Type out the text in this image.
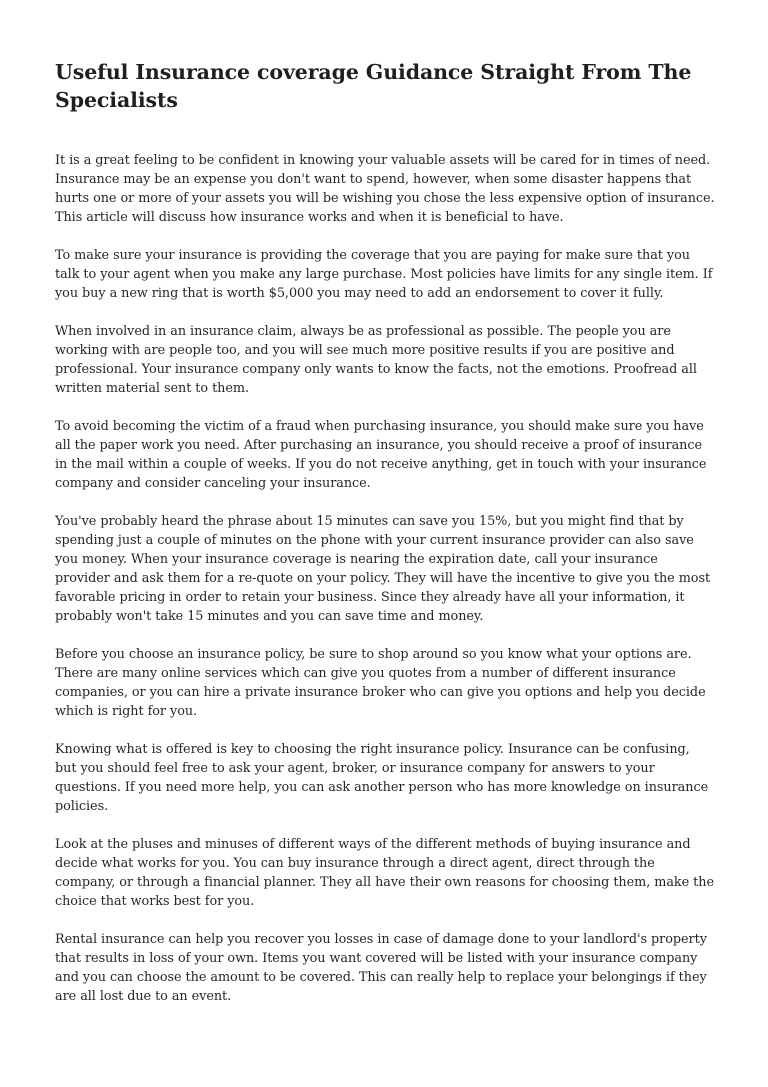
Useful Insurance coverage Guidance Straight From The Specialists

It is a great feeling to be confident in knowing your valuable assets will be cared for in times of need. Insurance may be an expense you don't want to spend, however, when some disaster happens that hurts one or more of your assets you will be wishing you chose the less expensive option of insurance. This article will discuss how insurance works and when it is beneficial to have.

To make sure your insurance is providing the coverage that you are paying for make sure that you talk to your agent when you make any large purchase. Most policies have limits for any single item. If you buy a new ring that is worth $5,000 you may need to add an endorsement to cover it fully.

When involved in an insurance claim, always be as professional as possible. The people you are working with are people too, and you will see much more positive results if you are positive and professional. Your insurance company only wants to know the facts, not the emotions. Proofread all written material sent to them.

To avoid becoming the victim of a fraud when purchasing insurance, you should make sure you have all the paper work you need. After purchasing an insurance, you should receive a proof of insurance in the mail within a couple of weeks. If you do not receive anything, get in touch with your insurance company and consider canceling your insurance.

You've probably heard the phrase about 15 minutes can save you 15%, but you might find that by spending just a couple of minutes on the phone with your current insurance provider can also save you money. When your insurance coverage is nearing the expiration date, call your insurance provider and ask them for a re-quote on your policy. They will have the incentive to give you the most favorable pricing in order to retain your business. Since they already have all your information, it probably won't take 15 minutes and you can save time and money.

Before you choose an insurance policy, be sure to shop around so you know what your options are. There are many online services which can give you quotes from a number of different insurance companies, or you can hire a private insurance broker who can give you options and help you decide which is right for you.

Knowing what is offered is key to choosing the right insurance policy. Insurance can be confusing, but you should feel free to ask your agent, broker, or insurance company for answers to your questions. If you need more help, you can ask another person who has more knowledge on insurance policies.

Look at the pluses and minuses of different ways of the different methods of buying insurance and decide what works for you. You can buy insurance through a direct agent, direct through the company, or through a financial planner. They all have their own reasons for choosing them, make the choice that works best for you.

Rental insurance can help you recover you losses in case of damage done to your landlord's property that results in loss of your own. Items you want covered will be listed with your insurance company and you can choose the amount to be covered. This can really help to replace your belongings if they are all lost due to an event.
